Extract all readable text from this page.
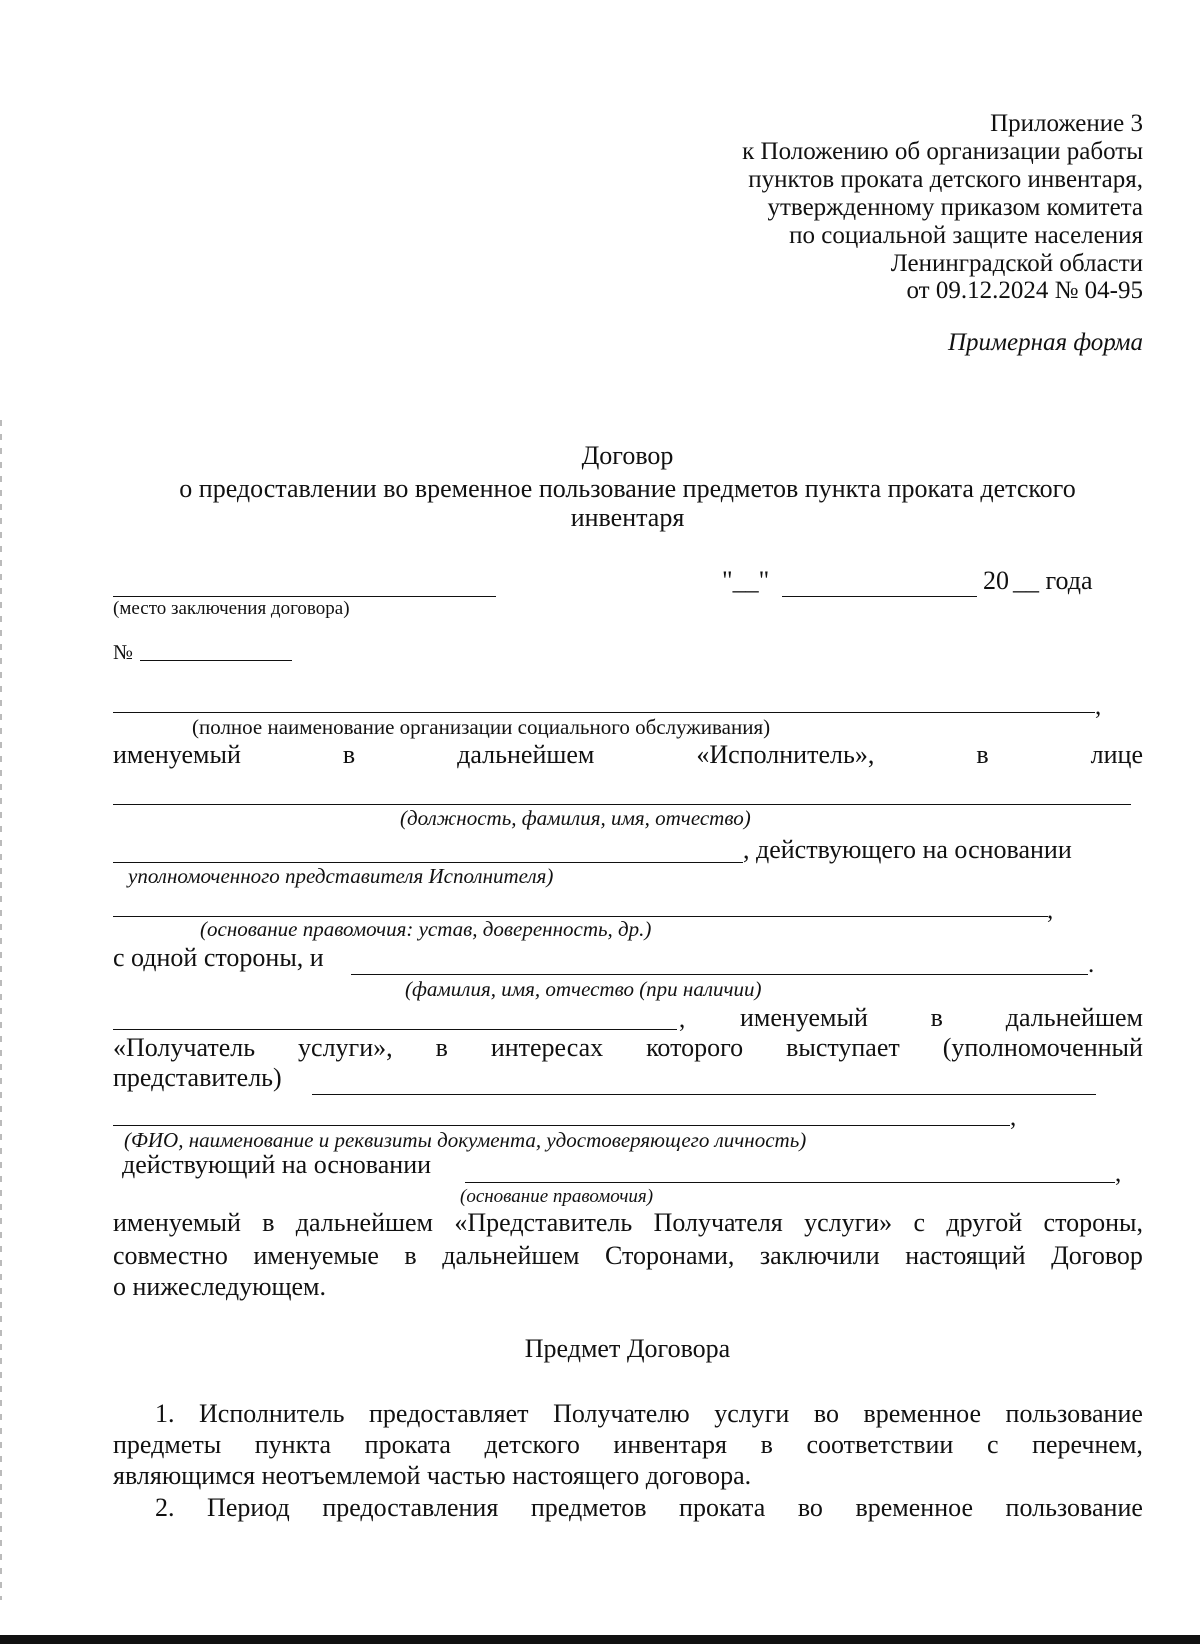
Приложение 3
к Положению об организации работы
пунктов проката детского инвентаря,
утвержденному приказом комитета
по социальной защите населения
Ленинградской области
от 09.12.2024 № 04-95
Примерная форма
Договор
о предоставлении во временное пользование предметов пункта проката детского
инвентаря
(место заключения договора)
"__"	20 __ года
№
,
(полное наименование организации социального обслуживания)
именуемый	в	дальнейшем	«Исполнитель»,	в	лице
(должность, фамилия, имя, отчество)
, действующего на основании
уполномоченного представителя Исполнителя)
,
(основание правомочия: устав, доверенность, др.)
с одной стороны, и	.
(фамилия, имя, отчество (при наличии)
, именуемый в дальнейшем
«Получатель услуги», в интересах которого выступает (уполномоченный
представитель)
,
(ФИО, наименование и реквизиты документа, удостоверяющего личность)
действующий на основании	,
(основание правомочия)
именуемый в дальнейшем «Представитель Получателя услуги» с другой стороны,
совместно именуемые в дальнейшем Сторонами, заключили настоящий Договор
о нижеследующем.
Предмет Договора
1. Исполнитель предоставляет Получателю услуги во временное пользование
предметы пункта проката детского инвентаря в соответствии с перечнем,
являющимся неотъемлемой частью настоящего договора.
2. Период предоставления предметов проката во временное пользование
